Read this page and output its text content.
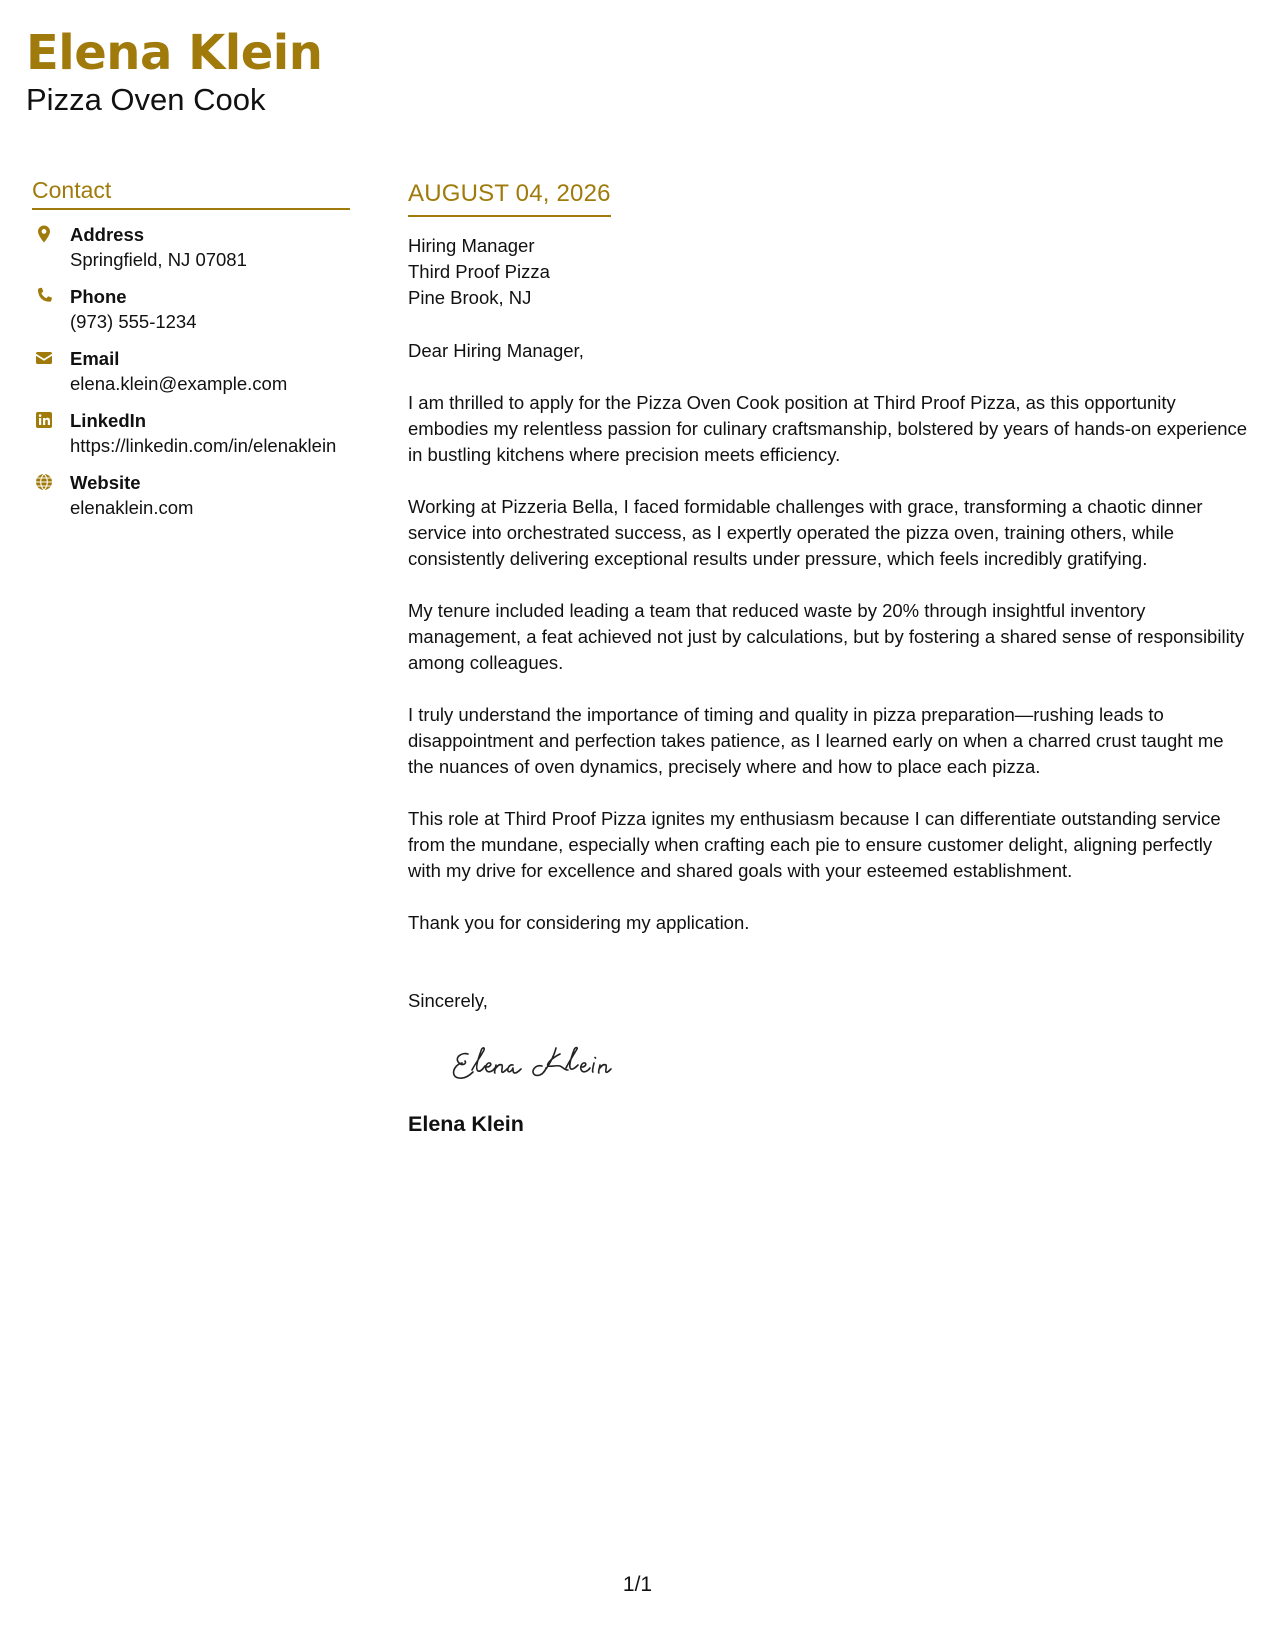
Elena Klein
Pizza Oven Cook
Contact
Address
Springfield, NJ 07081
Phone
(973) 555-1234
Email
elena.klein@example.com
LinkedIn
https://linkedin.com/in/elenaklein
Website
elenaklein.com
AUGUST 04, 2026
Hiring Manager
Third Proof Pizza
Pine Brook, NJ
Dear Hiring Manager,
I am thrilled to apply for the Pizza Oven Cook position at Third Proof Pizza, as this opportunity embodies my relentless passion for culinary craftsmanship, bolstered by years of hands-on experience in bustling kitchens where precision meets efficiency.
Working at Pizzeria Bella, I faced formidable challenges with grace, transforming a chaotic dinner service into orchestrated success, as I expertly operated the pizza oven, training others, while consistently delivering exceptional results under pressure, which feels incredibly gratifying.
My tenure included leading a team that reduced waste by 20% through insightful inventory management, a feat achieved not just by calculations, but by fostering a shared sense of responsibility among colleagues.
I truly understand the importance of timing and quality in pizza preparation—rushing leads to disappointment and perfection takes patience, as I learned early on when a charred crust taught me the nuances of oven dynamics, precisely where and how to place each pizza.
This role at Third Proof Pizza ignites my enthusiasm because I can differentiate outstanding service from the mundane, especially when crafting each pie to ensure customer delight, aligning perfectly with my drive for excellence and shared goals with your esteemed establishment.
Thank you for considering my application.
Sincerely,
Elena Klein
1/1
